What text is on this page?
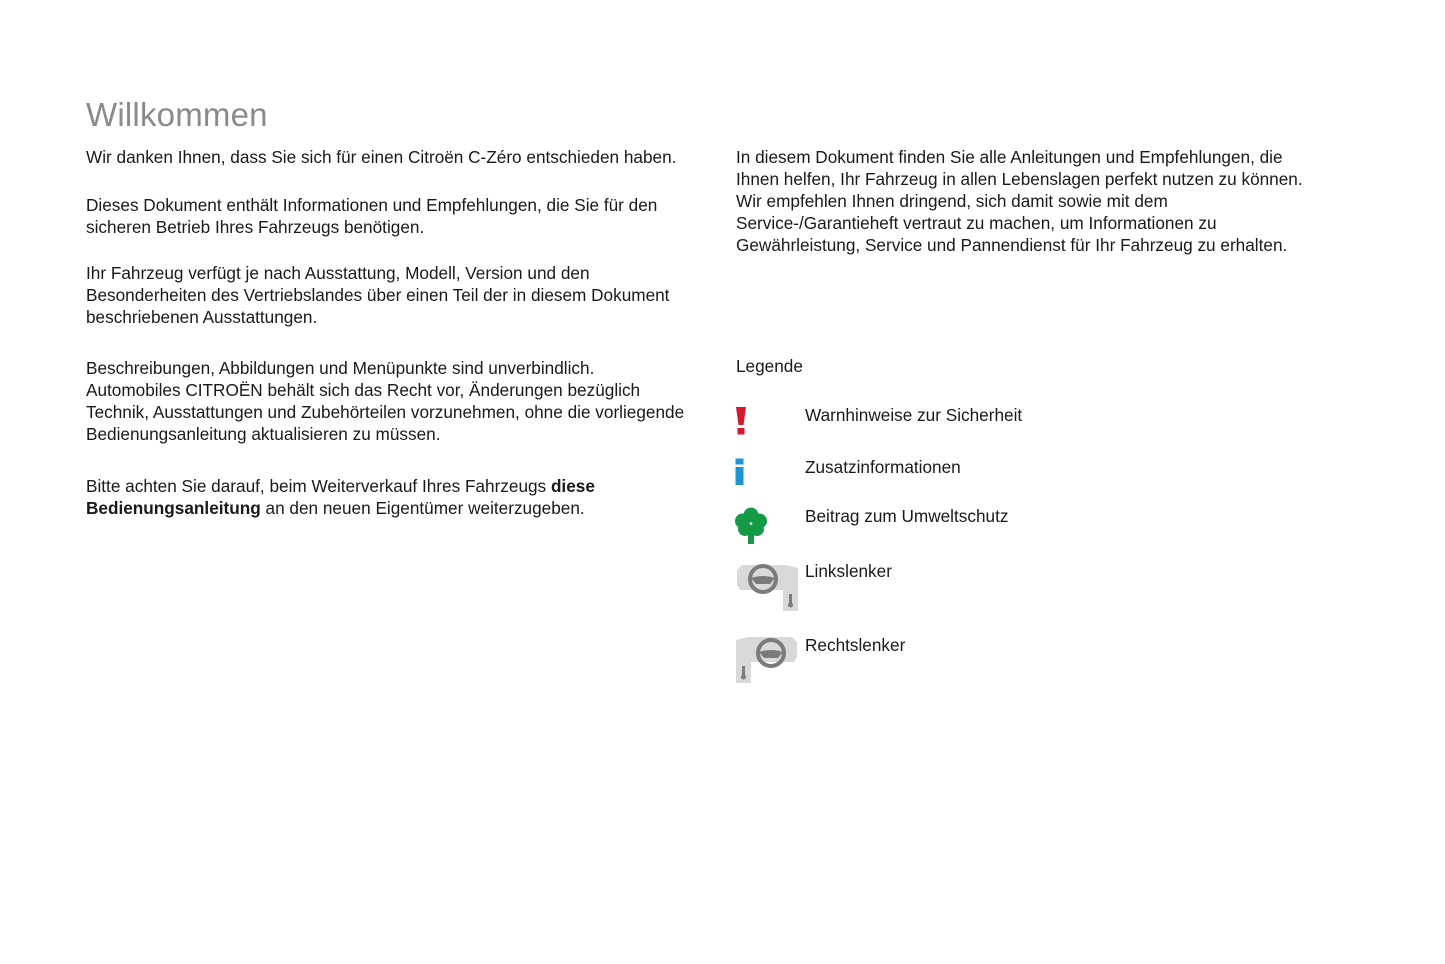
Willkommen

Wir danken Ihnen, dass Sie sich für einen Citroën C-Zéro entschieden haben.

Dieses Dokument enthält Informationen und Empfehlungen, die Sie für den sicheren Betrieb Ihres Fahrzeugs benötigen.

Ihr Fahrzeug verfügt je nach Ausstattung, Modell, Version und den Besonderheiten des Vertriebslandes über einen Teil der in diesem Dokument beschriebenen Ausstattungen.

Beschreibungen, Abbildungen und Menüpunkte sind unverbindlich. Automobiles CITROËN behält sich das Recht vor, Änderungen bezüglich Technik, Ausstattungen und Zubehörteilen vorzunehmen, ohne die vorliegende Bedienungsanleitung aktualisieren zu müssen.

Bitte achten Sie darauf, beim Weiterverkauf Ihres Fahrzeugs diese Bedienungsanleitung an den neuen Eigentümer weiterzugeben.

In diesem Dokument finden Sie alle Anleitungen und Empfehlungen, die Ihnen helfen, Ihr Fahrzeug in allen Lebenslagen perfekt nutzen zu können. Wir empfehlen Ihnen dringend, sich damit sowie mit dem Service-/Garantieheft vertraut zu machen, um Informationen zu Gewährleistung, Service und Pannendienst für Ihr Fahrzeug zu erhalten.

Legende
Warnhinweise zur Sicherheit
Zusatzinformationen
Beitrag zum Umweltschutz
Linkslenker
Rechtslenker
